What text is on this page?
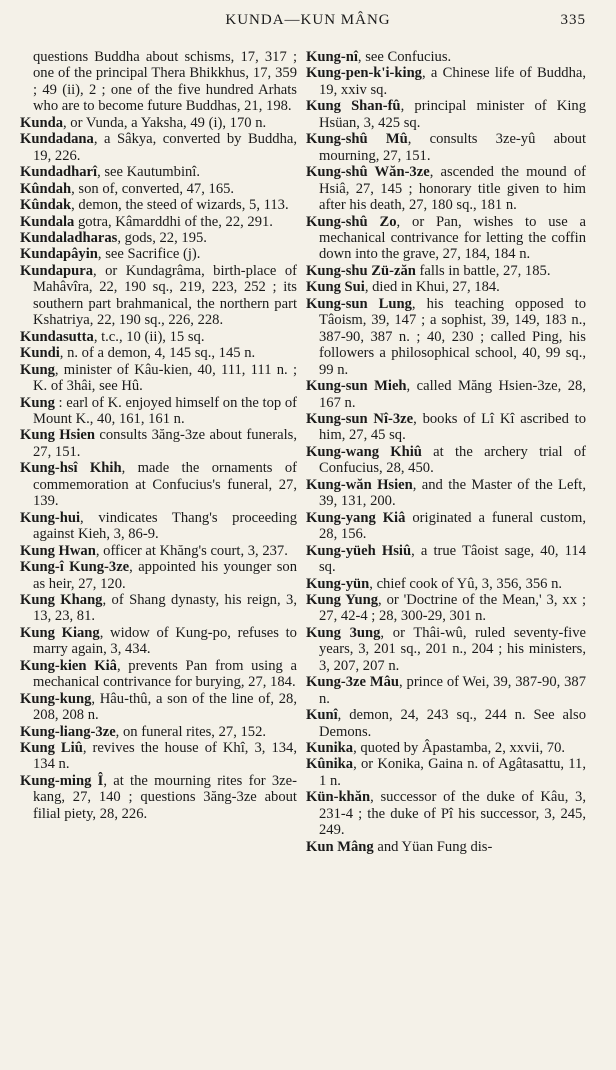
KUNDA—KUN MÂNG	335
questions Buddha about schisms, 17, 317 ; one of the principal Thera Bhikkhus, 17, 359 ; 49 (ii), 2 ; one of the five hundred Arhats who are to become future Buddhas, 21, 198.
Kunda, or Vunda, a Yaksha, 49 (i), 170 n.
Kundadana, a Sâkya, converted by Buddha, 19, 226.
Kundadharî, see Kautumbinî.
Kûndah, son of, converted, 47, 165.
Kûndak, demon, the steed of wizards, 5, 113.
Kundala gotra, Kâmarddhi of the, 22, 291.
Kundaladharas, gods, 22, 195.
Kundapâyin, see Sacrifice (j).
Kundapura, or Kundagrâma, birth-place of Mahâvîra, 22, 190 sq., 219, 223, 252 ; its southern part brahmanical, the northern part Kshatriya, 22, 190 sq., 226, 228.
Kundasutta, t.c., 10 (ii), 15 sq.
Kundi, n. of a demon, 4, 145 sq., 145 n.
Kung, minister of Kâu-kien, 40, 111, 111 n. ; K. of 3hâi, see Hû.
Kung : earl of K. enjoyed himself on the top of Mount K., 40, 161, 161 n.
Kung Hsien consults 3ăng-3ze about funerals, 27, 151.
Kung-hsî Khih, made the ornaments of commemoration at Confucius's funeral, 27, 139.
Kung-hui, vindicates Thang's proceeding against Kieh, 3, 86-9.
Kung Hwan, officer at Khăng's court, 3, 237.
Kung-î Kung-3ze, appointed his younger son as heir, 27, 120.
Kung Khang, of Shang dynasty, his reign, 3, 13, 23, 81.
Kung Kiang, widow of Kung-po, refuses to marry again, 3, 434.
Kung-kien Kiâ, prevents Pan from using a mechanical contrivance for burying, 27, 184.
Kung-kung, Hâu-thû, a son of the line of, 28, 208, 208 n.
Kung-liang-3ze, on funeral rites, 27, 152.
Kung Liû, revives the house of Khî, 3, 134, 134 n.
Kung-ming Î, at the mourning rites for 3ze-kang, 27, 140 ; questions 3ăng-3ze about filial piety, 28, 226.
Kung-nî, see Confucius.
Kung-pen-k'i-king, a Chinese life of Buddha, 19, xxiv sq.
Kung Shan-fû, principal minister of King Hsüan, 3, 425 sq.
Kung-shû Mû, consults 3ze-yû about mourning, 27, 151.
Kung-shû Wăn-3ze, ascended the mound of Hsiâ, 27, 145 ; honorary title given to him after his death, 27, 180 sq., 181 n.
Kung-shû Zo, or Pan, wishes to use a mechanical contrivance for letting the coffin down into the grave, 27, 184, 184 n.
Kung-shu Zü-zăn falls in battle, 27, 185.
Kung Sui, died in Khui, 27, 184.
Kung-sun Lung, his teaching opposed to Tâoism, 39, 147 ; a sophist, 39, 149, 183 n., 387-90, 387 n. ; 40, 230 ; called Ping, his followers a philosophical school, 40, 99 sq., 99 n.
Kung-sun Mieh, called Măng Hsien-3ze, 28, 167 n.
Kung-sun Nî-3ze, books of Lî Kî ascribed to him, 27, 45 sq.
Kung-wang Khiû at the archery trial of Confucius, 28, 450.
Kung-wăn Hsien, and the Master of the Left, 39, 131, 200.
Kung-yang Kiâ originated a funeral custom, 28, 156.
Kung-yüeh Hsiû, a true Tâoist sage, 40, 114 sq.
Kung-yün, chief cook of Yû, 3, 356, 356 n.
Kung Yung, or 'Doctrine of the Mean,' 3, xx ; 27, 42-4 ; 28, 300-29, 301 n.
Kung 3ung, or Thâi-wû, ruled seventy-five years, 3, 201 sq., 201 n., 204 ; his ministers, 3, 207, 207 n.
Kung-3ze Mâu, prince of Wei, 39, 387-90, 387 n.
Kunî, demon, 24, 243 sq., 244 n. See also Demons.
Kunika, quoted by Âpastamba, 2, xxvii, 70.
Kûnika, or Konika, Gaina n. of Agâtasattu, 11, 1 n.
Kün-khăn, successor of the duke of Kâu, 3, 231-4 ; the duke of Pî his successor, 3, 245, 249.
Kun Mâng and Yüan Fung dis-
